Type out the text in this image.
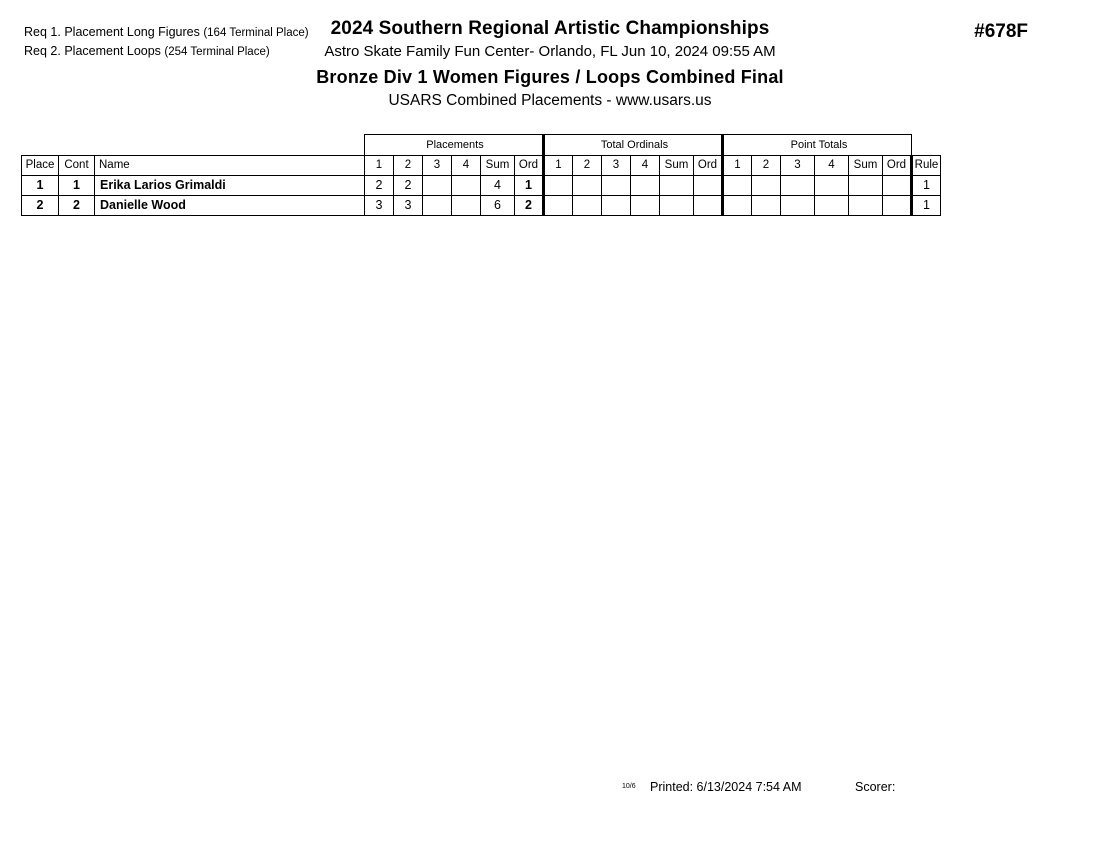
Req 1. Placement Long Figures (164 Terminal Place)
Req 2. Placement Loops (254 Terminal Place)
2024 Southern Regional Artistic Championships
Astro Skate Family Fun Center- Orlando, FL Jun 10, 2024 09:55 AM
Bronze Div 1 Women Figures / Loops Combined Final
USARS Combined Placements - www.usars.us
#678F
			Placements						Total Ordinals						Point Totals						
Place	Cont	Name	1	2	3	4	Sum	Ord	1	2	3	4	Sum	Ord	1	2	3	4	Sum	Ord	Rule
1	1	Erika Larios Grimaldi	2	2			4	1													1
2	2	Danielle Wood	3	3			6	2													1
10/6 Printed: 6/13/2024 7:54 AM	Scorer:
